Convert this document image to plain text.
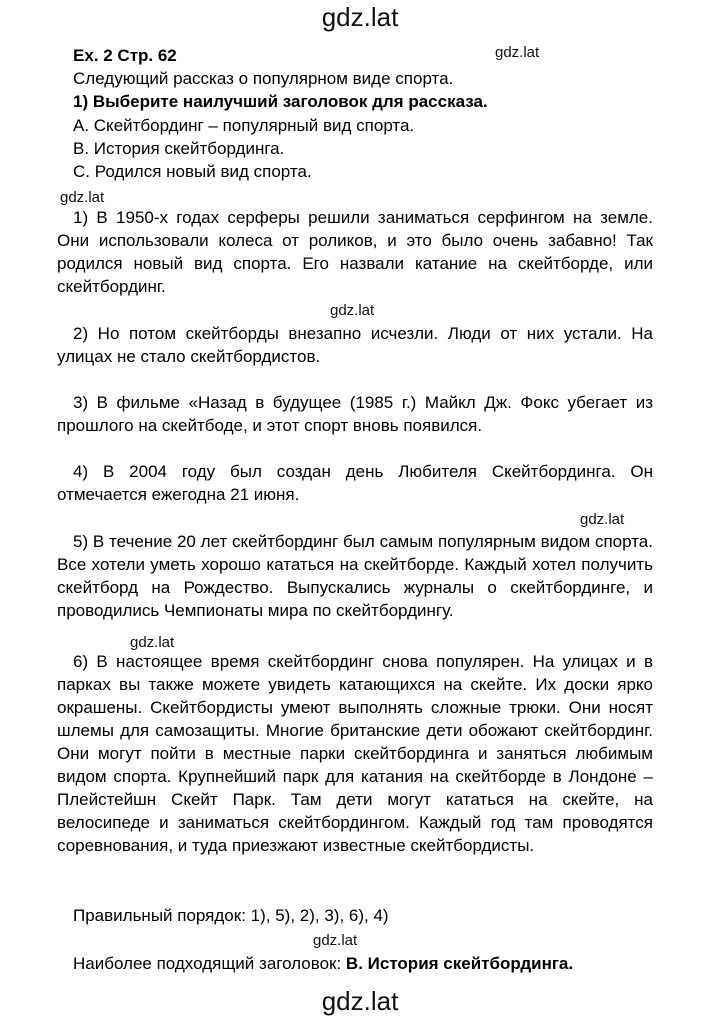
gdz.lat
gdz.lat
Ex. 2 Стр. 62
Следующий рассказ о популярном виде спорта.
1) Выберите наилучший заголовок для рассказа.
A. Скейтбординг – популярный вид спорта.
B. История скейтбординга.
C. Родился новый вид спорта.
gdz.lat
1) В 1950-х годах серферы решили заниматься серфингом на земле. Они использовали колеса от роликов, и это было очень забавно! Так родился новый вид спорта. Его назвали катание на скейтборде, или скейтбординг.
gdz.lat
2) Но потом скейтборды внезапно исчезли. Люди от них устали. На улицах не стало скейтбордистов.
3) В фильме «Назад в будущее (1985 г.) Майкл Дж. Фокс убегает из прошлого на скейтбоде, и этот спорт вновь появился.
4) В 2004 году был создан день Любителя Скейтбординга. Он отмечается ежегодна 21 июня.
gdz.lat
5) В течение 20 лет скейтбординг был самым популярным видом спорта. Все хотели уметь хорошо кататься на скейтборде. Каждый хотел получить скейтборд на Рождество. Выпускались журналы о скейтбординге, и проводились Чемпионаты мира по скейтбордингу.
gdz.lat
6) В настоящее время скейтбординг снова популярен. На улицах и в парках вы также можете увидеть катающихся на скейте. Их доски ярко окрашены. Скейтбордисты умеют выполнять сложные трюки. Они носят шлемы для самозащиты. Многие британские дети обожают скейтбординг. Они могут пойти в местные парки скейтбординга и заняться любимым видом спорта. Крупнейший парк для катания на скейтборде в Лондоне – Плейстейшн Скейт Парк. Там дети могут кататься на скейте, на велосипеде и заниматься скейтбордингом. Каждый год там проводятся соревнования, и туда приезжают известные скейтбордисты.
Правильный порядок: 1), 5), 2), 3), 6), 4)
gdz.lat
Наиболее подходящий заголовок: B. История скейтбординга.
gdz.lat
